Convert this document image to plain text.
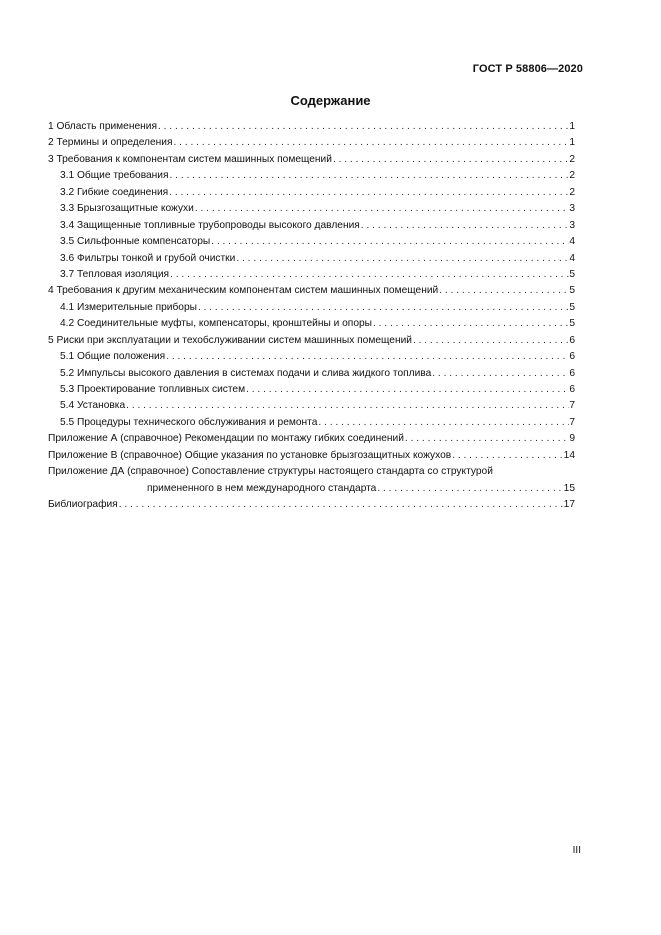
ГОСТ Р 58806—2020
Содержание
1 Область применения . . .	1
2 Термины и определения . . .	1
3 Требования к компонентам систем машинных помещений . . .	2
3.1 Общие требования . . .	2
3.2 Гибкие соединения . . .	2
3.3 Брызгозащитные кожухи . . .	3
3.4 Защищенные топливные трубопроводы высокого давления . . .	3
3.5 Сильфонные компенсаторы . . .	4
3.6 Фильтры тонкой и грубой очистки . . .	4
3.7 Тепловая изоляция . . .	5
4 Требования к другим механическим компонентам систем машинных помещений . . .	5
4.1 Измерительные приборы . . .	5
4.2 Соединительные муфты, компенсаторы, кронштейны и опоры . . .	5
5 Риски при эксплуатации и техобслуживании систем машинных помещений . . .	6
5.1 Общие положения . . .	6
5.2 Импульсы высокого давления в системах подачи и слива жидкого топлива . . .	6
5.3 Проектирование топливных систем . . .	6
5.4 Установка . . .	7
5.5 Процедуры технического обслуживания и ремонта . . .	7
Приложение А (справочное) Рекомендации по монтажу гибких соединений . . .	9
Приложение В (справочное) Общие указания по установке брызгозащитных кожухов . . .	14
Приложение ДА (справочное) Сопоставление структуры настоящего стандарта со структурой
примененного в нем международного стандарта . . .	15
Библиография . . .	17
III
